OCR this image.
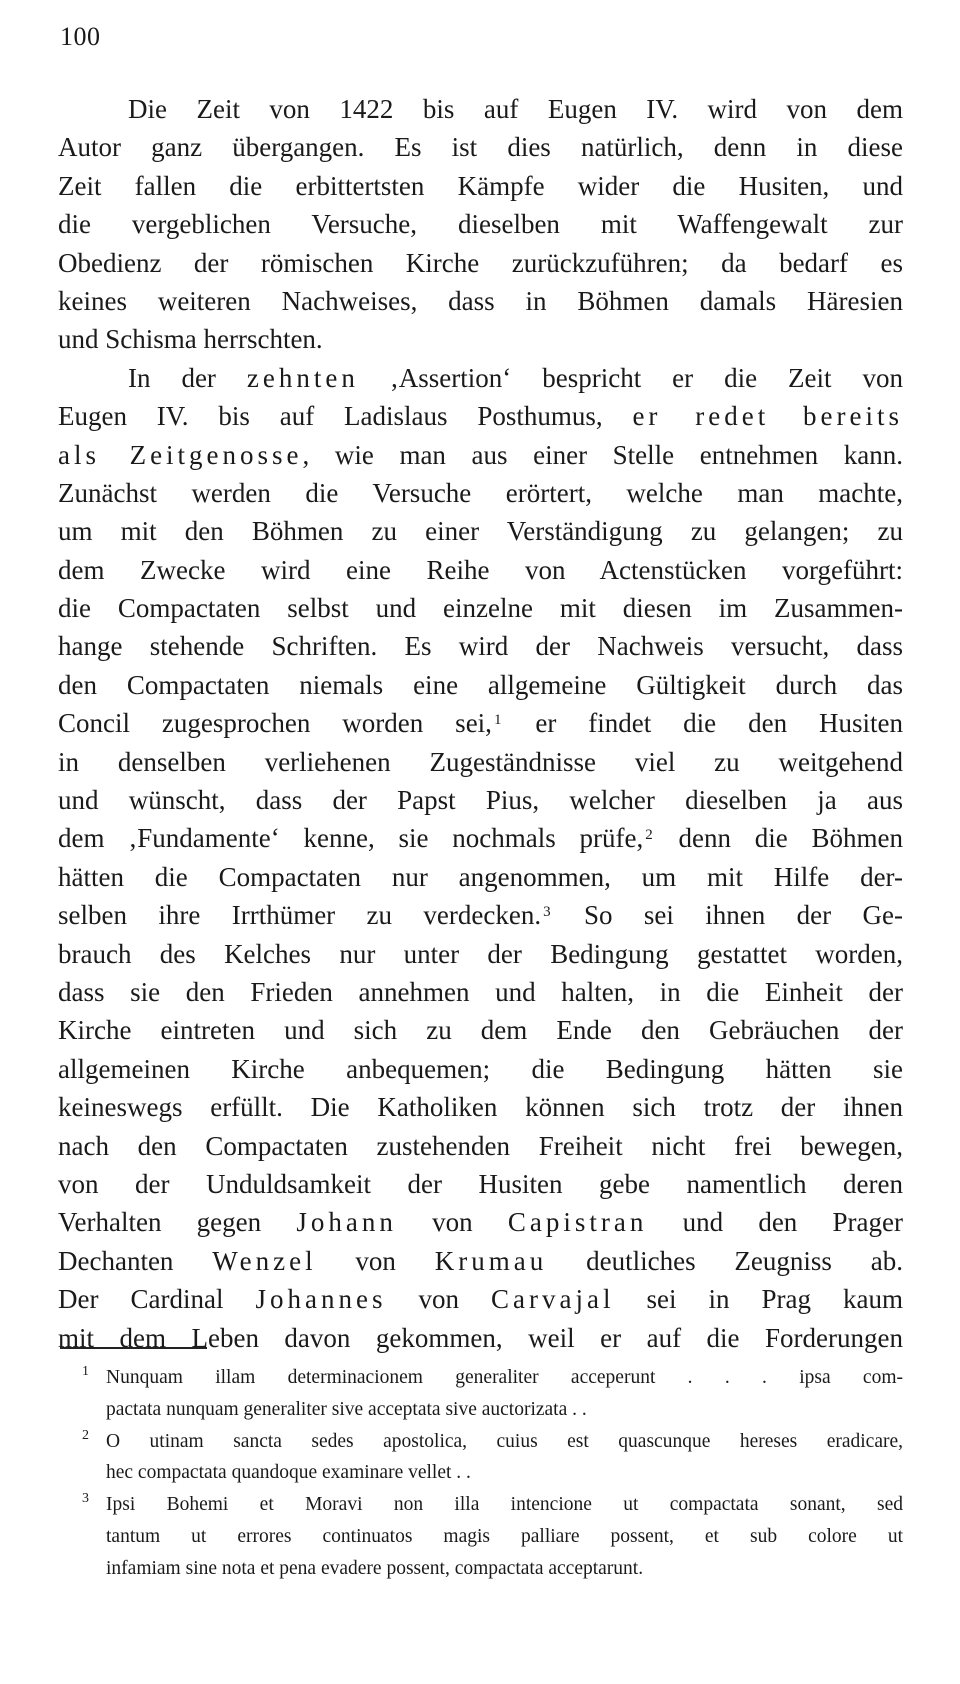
100
Die Zeit von 1422 bis auf Eugen IV. wird von dem
Autor ganz übergangen. Es ist dies natürlich, denn in diese
Zeit fallen die erbittertsten Kämpfe wider die Husiten, und
die vergeblichen Versuche, dieselben mit Waffengewalt zur
Obedienz der römischen Kirche zurückzuführen; da bedarf es
keines weiteren Nachweises, dass in Böhmen damals Häresien
und Schisma herrschten.
In der zehnten ‚Assertion‘ bespricht er die Zeit von
Eugen IV. bis auf Ladislaus Posthumus, er redet bereits
als Zeitgenosse, wie man aus einer Stelle entnehmen kann.
Zunächst werden die Versuche erörtert, welche man machte,
um mit den Böhmen zu einer Verständigung zu gelangen; zu
dem Zwecke wird eine Reihe von Actenstücken vorgeführt:
die Compactaten selbst und einzelne mit diesen im Zusammen-
hange stehende Schriften. Es wird der Nachweis versucht, dass
den Compactaten niemals eine allgemeine Gültigkeit durch das
Concil zugesprochen worden sei, $^1$ er findet die den Husiten
in denselben verliehenen Zugeständnisse viel zu weitgehend
und wünscht, dass der Papst Pius, welcher dieselben ja aus
dem ‚Fundamente‘ kenne, sie nochmals prüfe, $^2$ denn die Böhmen
hätten die Compactaten nur angenommen, um mit Hilfe der-
selben ihre Irrthümer zu verdecken. $^3$ So sei ihnen der Ge-
brauch des Kelches nur unter der Bedingung gestattet worden,
dass sie den Frieden annehmen und halten, in die Einheit der
Kirche eintreten und sich zu dem Ende den Gebräuchen der
allgemeinen Kirche anbequemen; die Bedingung hätten sie
keineswegs erfüllt. Die Katholiken können sich trotz der ihnen
nach den Compactaten zustehenden Freiheit nicht frei bewegen,
von der Unduldsamkeit der Husiten gebe namentlich deren
Verhalten gegen Johann von Capistran und den Prager
Dechanten Wenzel von Krumau deutliches Zeugniss ab.
Der Cardinal Johannes von Carvajal sei in Prag kaum
mit dem Leben davon gekommen, weil er auf die Forderungen
1 Nunquam illam determinacionem generaliter acceperunt . . . ipsa com-
pactata nunquam generaliter sive acceptata sive auctorizata . .
2 O utinam sancta sedes apostolica, cuius est quascunque hereses eradicare,
hec compactata quandoque examinare vellet . .
3 Ipsi Bohemi et Moravi non illa intencione ut compactata sonant, sed
tantum ut errores continuatos magis palliare possent, et sub colore ut
infamiam sine nota et pena evadere possent, compactata acceptarunt.
